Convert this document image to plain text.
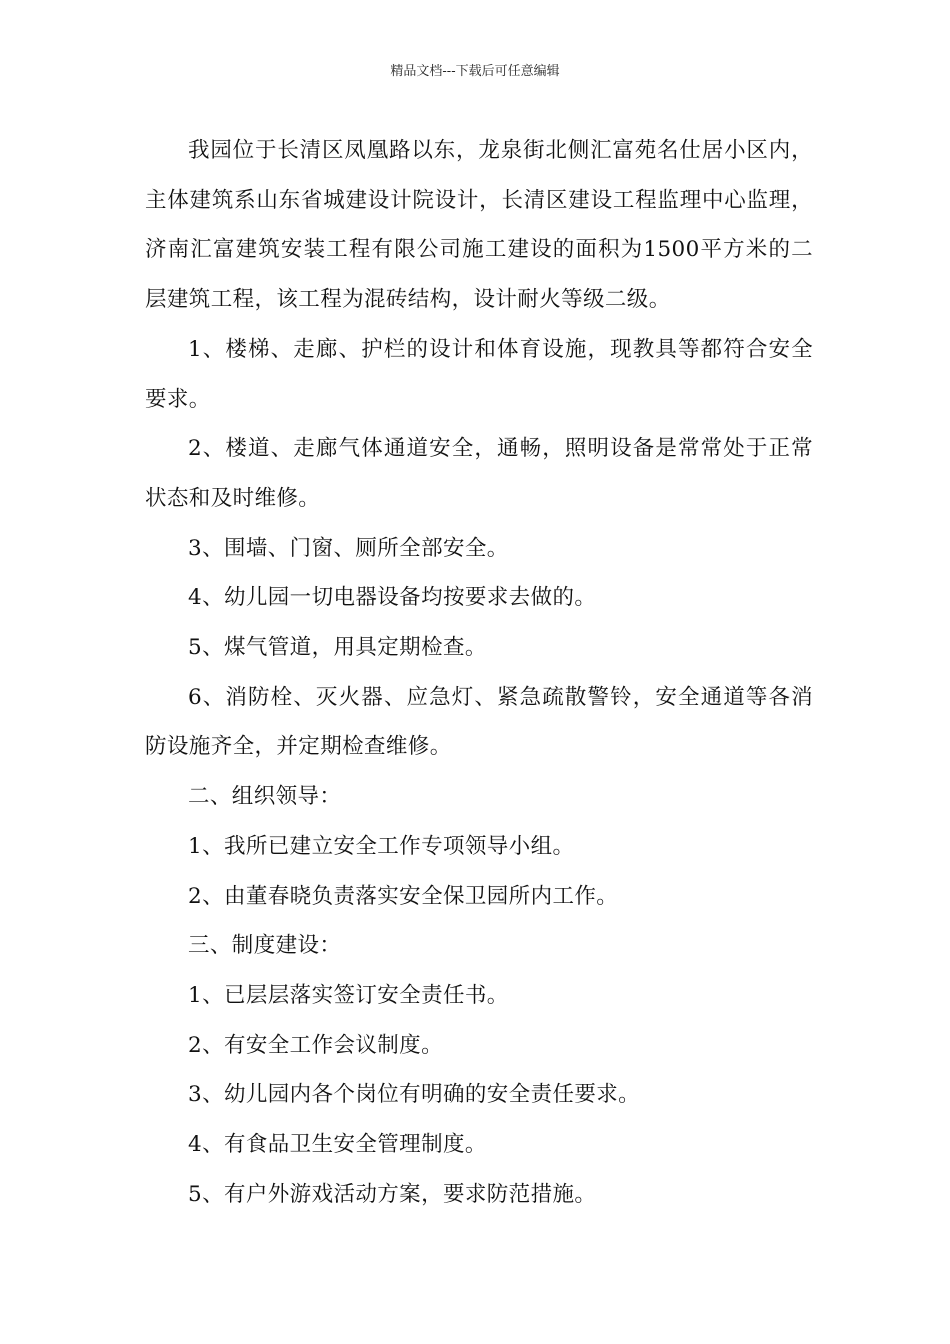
精品文档---下载后可任意编辑

我园位于长清区凤凰路以东，龙泉街北侧汇富苑名仕居小区内，主体建筑系山东省城建设计院设计，长清区建设工程监理中心监理，济南汇富建筑安装工程有限公司施工建设的面积为1500平方米的二层建筑工程，该工程为混砖结构，设计耐火等级二级。

1、楼梯、走廊、护栏的设计和体育设施，现教具等都符合安全要求。

2、楼道、走廊气体通道安全，通畅，照明设备是常常处于正常状态和及时维修。

3、围墙、门窗、厕所全部安全。

4、幼儿园一切电器设备均按要求去做的。

5、煤气管道，用具定期检查。

6、消防栓、灭火器、应急灯、紧急疏散警铃，安全通道等各消防设施齐全，并定期检查维修。

二、组织领导：

1、我所已建立安全工作专项领导小组。

2、由董春晓负责落实安全保卫园所内工作。

三、制度建设：

1、已层层落实签订安全责任书。

2、有安全工作会议制度。

3、幼儿园内各个岗位有明确的安全责任要求。

4、有食品卫生安全管理制度。

5、有户外游戏活动方案，要求防范措施。
